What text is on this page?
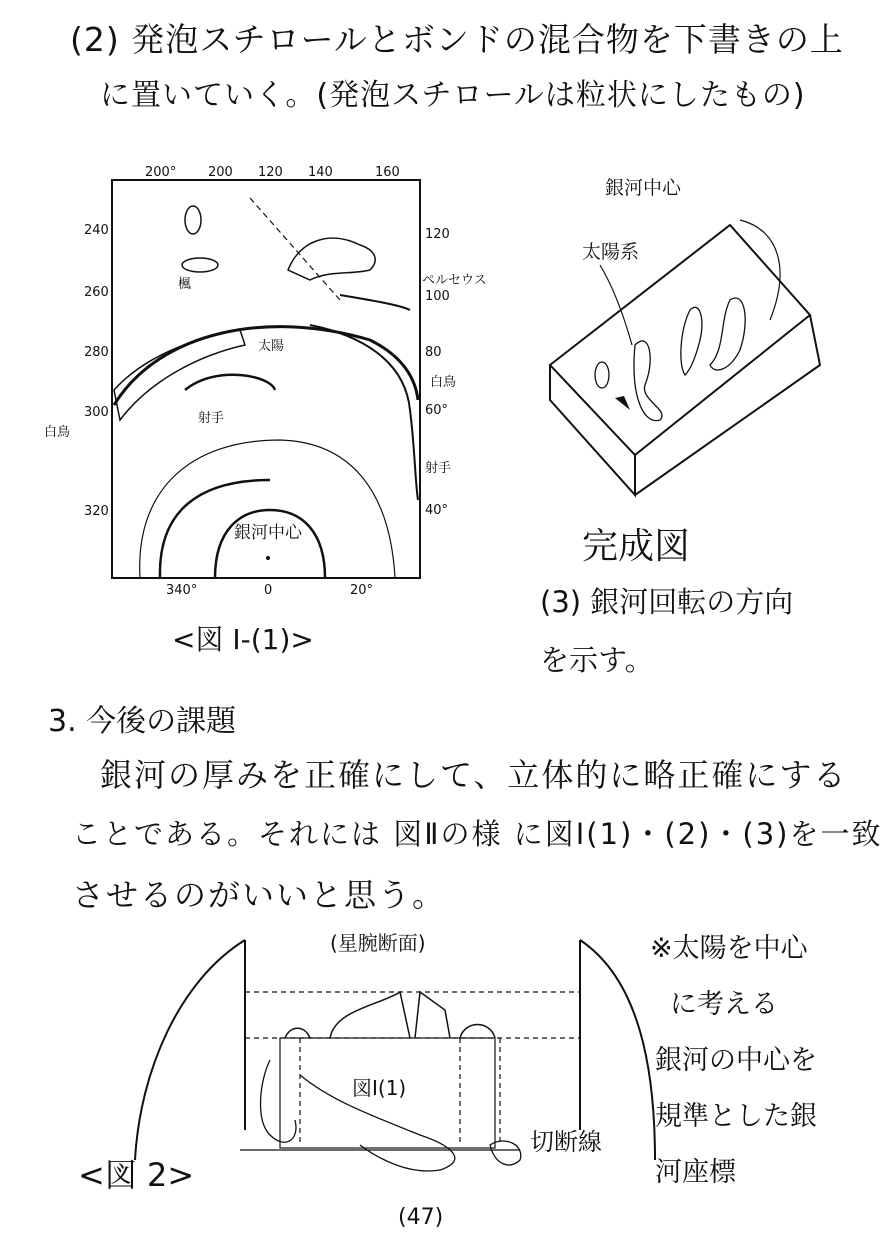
(2) 発泡スチロールとボンドの混合物を下書きの上
に置いていく。(発泡スチロールは粒状にしたもの)
200° 200 120 140	160
240
260
280
300
320
120
100
80
60°
40°
340°	0	20°
ペルセウス
白鳥
白鳥
射手
射手
銀河中心
太陽
楓
<図 Ⅰ-(1)>
銀河中心
太陽系
完成図
(3) 銀河回転の方向
を示す。
3. 今後の課題
銀河の厚みを正確にして、立体的に略正確にする
ことである。それには 図Ⅱの様 に図Ⅰ(1)・(2)・(3)を一致
させるのがいいと思う。
(星腕断面)
図Ⅰ(1)
切断線
<図 2>
※太陽を中心
に考える
銀河の中心を
規準とした銀
河座標
(47)
